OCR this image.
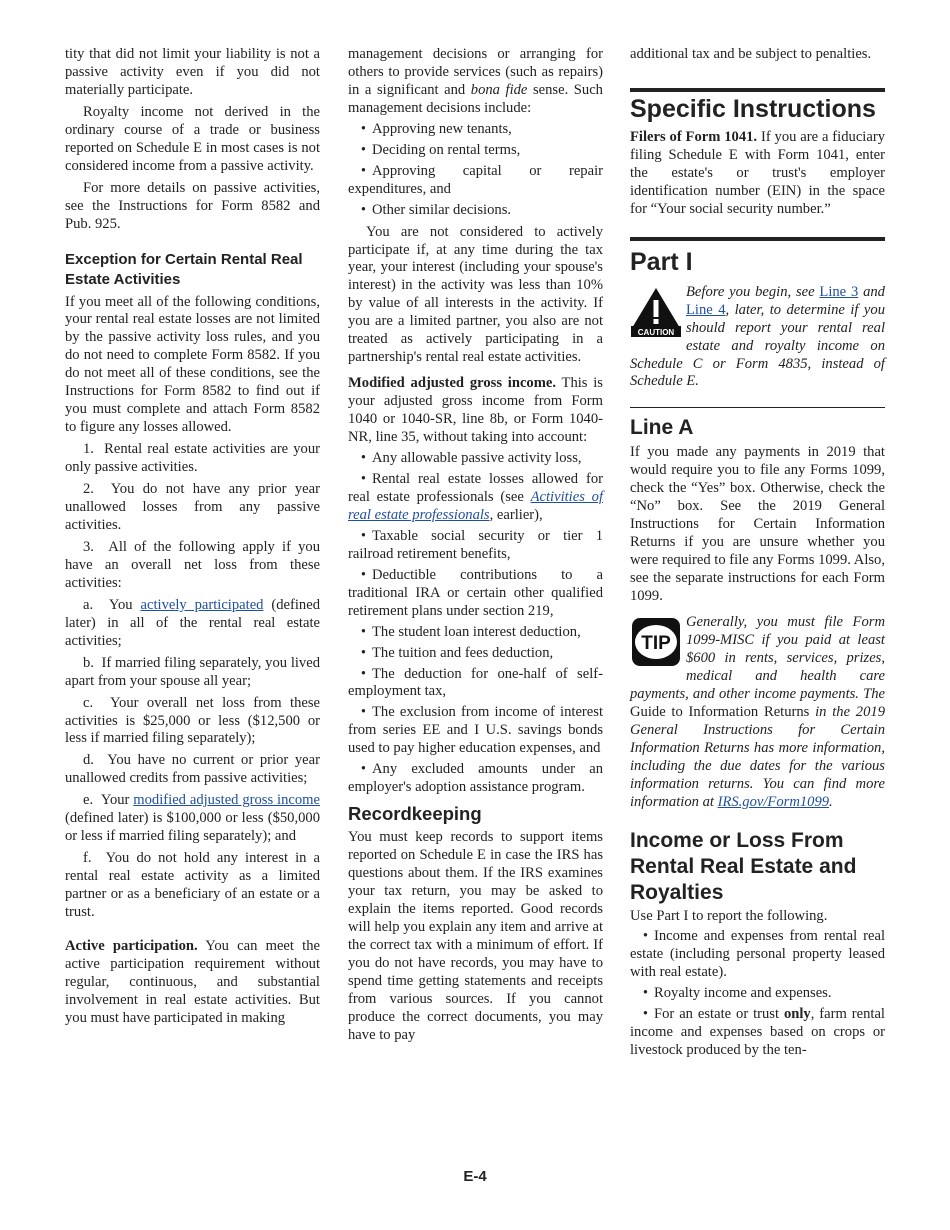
tity that did not limit your liability is not a passive activity even if you did not materially participate.

Royalty income not derived in the ordinary course of a trade or business reported on Schedule E in most cases is not considered income from a passive activity.

For more details on passive activities, see the Instructions for Form 8582 and Pub. 925.

Exception for Certain Rental Real Estate Activities

If you meet all of the following conditions, your rental real estate losses are not limited by the passive activity loss rules, and you do not need to complete Form 8582. If you do not meet all of these conditions, see the Instructions for Form 8582 to find out if you must complete and attach Form 8582 to figure any losses allowed.

1.  Rental real estate activities are your only passive activities.

2.  You do not have any prior year unallowed losses from any passive activities.

3.  All of the following apply if you have an overall net loss from these activities:

a.  You actively participated (defined later) in all of the rental real estate activities;

b.  If married filing separately, you lived apart from your spouse all year;

c.  Your overall net loss from these activities is $25,000 or less ($12,500 or less if married filing separately);

d.  You have no current or prior year unallowed credits from passive activities;

e.  Your modified adjusted gross income (defined later) is $100,000 or less ($50,000 or less if married filing separately); and

f.  You do not hold any interest in a rental real estate activity as a limited partner or as a beneficiary of an estate or a trust.

Active participation. You can meet the active participation requirement without regular, continuous, and substantial involvement in real estate activities. But you must have participated in making

management decisions or arranging for others to provide services (such as repairs) in a significant and bona fide sense. Such management decisions include:

• Approving new tenants,

• Deciding on rental terms,

• Approving capital or repair expenditures, and

• Other similar decisions.

You are not considered to actively participate if, at any time during the tax year, your interest (including your spouse's interest) in the activity was less than 10% by value of all interests in the activity. If you are a limited partner, you also are not treated as actively participating in a partnership's rental real estate activities.

Modified adjusted gross income. This is your adjusted gross income from Form 1040 or 1040-SR, line 8b, or Form 1040-NR, line 35, without taking into account:

• Any allowable passive activity loss,

• Rental real estate losses allowed for real estate professionals (see Activities of real estate professionals, earlier),

• Taxable social security or tier 1 railroad retirement benefits,

• Deductible contributions to a traditional IRA or certain other qualified retirement plans under section 219,

• The student loan interest deduction,

• The tuition and fees deduction,

• The deduction for one-half of self-employment tax,

• The exclusion from income of interest from series EE and I U.S. savings bonds used to pay higher education expenses, and

• Any excluded amounts under an employer's adoption assistance program.

Recordkeeping

You must keep records to support items reported on Schedule E in case the IRS has questions about them. If the IRS examines your tax return, you may be asked to explain the items reported. Good records will help you explain any item and arrive at the correct tax with a minimum of effort. If you do not have records, you may have to spend time getting statements and receipts from various sources. If you cannot produce the correct documents, you may have to pay

additional tax and be subject to penalties.

Specific Instructions

Filers of Form 1041. If you are a fiduciary filing Schedule E with Form 1041, enter the estate's or trust's employer identification number (EIN) in the space for “Your social security number.”

Part I
CAUTION

Before you begin, see Line 3 and Line 4, later, to determine if you should report your rental real estate and royalty income on Schedule C or Form 4835, instead of Schedule E.

Line A

If you made any payments in 2019 that would require you to file any Forms 1099, check the “Yes” box. Otherwise, check the “No” box. See the 2019 General Instructions for Certain Information Returns if you are unsure whether you were required to file any Forms 1099. Also, see the separate instructions for each Form 1099.

TIP

Generally, you must file Form 1099-MISC if you paid at least $600 in rents, services, prizes, medical and health care payments, and other income payments. The Guide to Information Returns in the 2019 General Instructions for Certain Information Returns has more information, including the due dates for the various information returns. You can find more information at IRS.gov/Form1099.

Income or Loss From Rental Real Estate and Royalties

Use Part I to report the following.

• Income and expenses from rental real estate (including personal property leased with real estate).

• Royalty income and expenses.

• For an estate or trust only, farm rental income and expenses based on crops or livestock produced by the ten-

E-4
